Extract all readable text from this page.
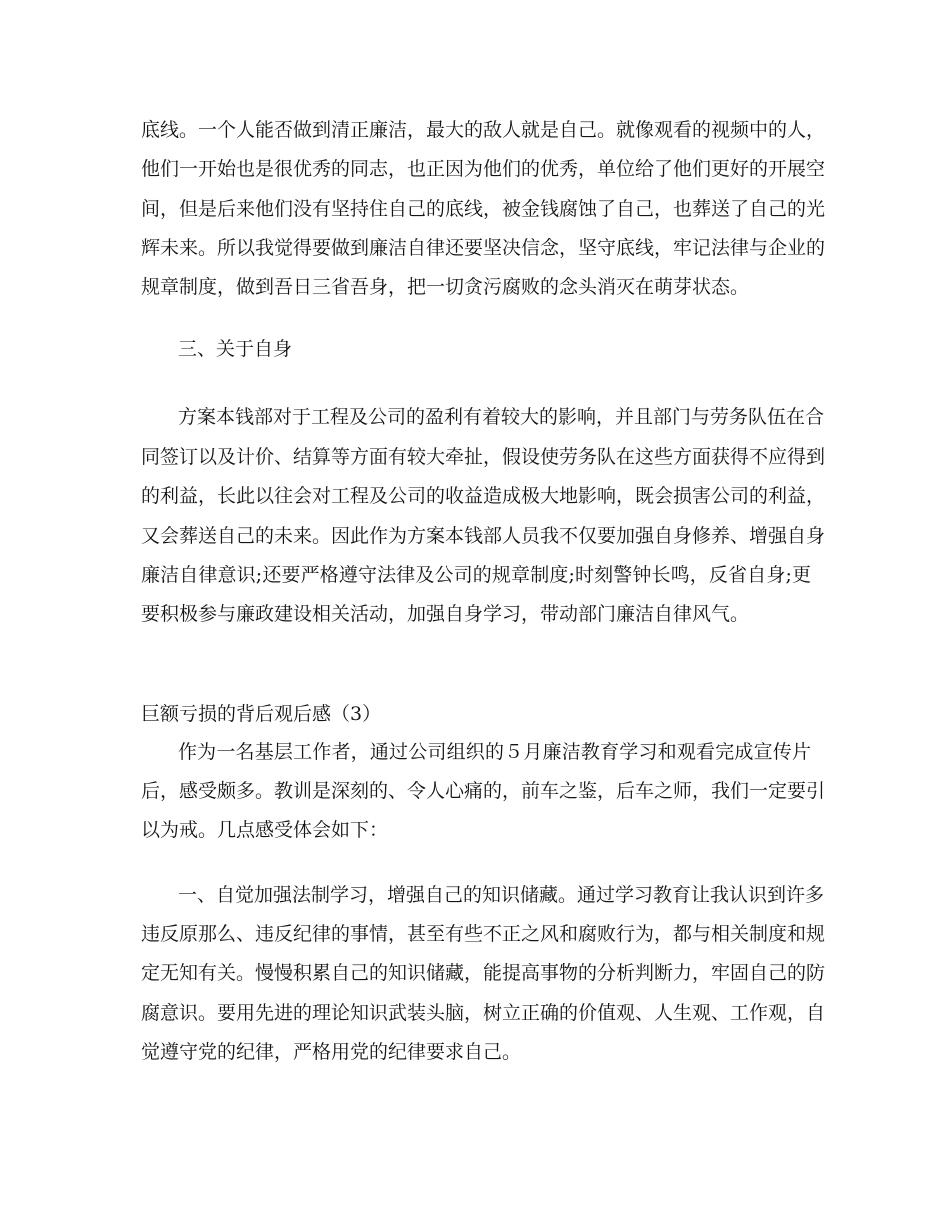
底线。一个人能否做到清正廉洁，最大的敌人就是自己。就像观看的视频中的人，
他们一开始也是很优秀的同志，也正因为他们的优秀，单位给了他们更好的开展空
间，但是后来他们没有坚持住自己的底线，被金钱腐蚀了自己，也葬送了自己的光
辉未来。所以我觉得要做到廉洁自律还要坚决信念，坚守底线，牢记法律与企业的
规章制度，做到吾日三省吾身，把一切贪污腐败的念头消灭在萌芽状态。
三、关于自身
方案本钱部对于工程及公司的盈利有着较大的影响，并且部门与劳务队伍在合
同签订以及计价、结算等方面有较大牵扯，假设使劳务队在这些方面获得不应得到
的利益，长此以往会对工程及公司的收益造成极大地影响，既会损害公司的利益，
又会葬送自己的未来。因此作为方案本钱部人员我不仅要加强自身修养、增强自身
廉洁自律意识;还要严格遵守法律及公司的规章制度;时刻警钟长鸣，反省自身;更
要积极参与廉政建设相关活动，加强自身学习，带动部门廉洁自律风气。
巨额亏损的背后观后感（3）
作为一名基层工作者，通过公司组织的５月廉洁教育学习和观看完成宣传片
后，感受颇多。教训是深刻的、令人心痛的，前车之鉴，后车之师，我们一定要引
以为戒。几点感受体会如下：
一、自觉加强法制学习，增强自己的知识储藏。通过学习教育让我认识到许多
违反原那么、违反纪律的事情，甚至有些不正之风和腐败行为，都与相关制度和规
定无知有关。慢慢积累自己的知识储藏，能提高事物的分析判断力，牢固自己的防
腐意识。要用先进的理论知识武装头脑，树立正确的价值观、人生观、工作观，自
觉遵守党的纪律，严格用党的纪律要求自己。
